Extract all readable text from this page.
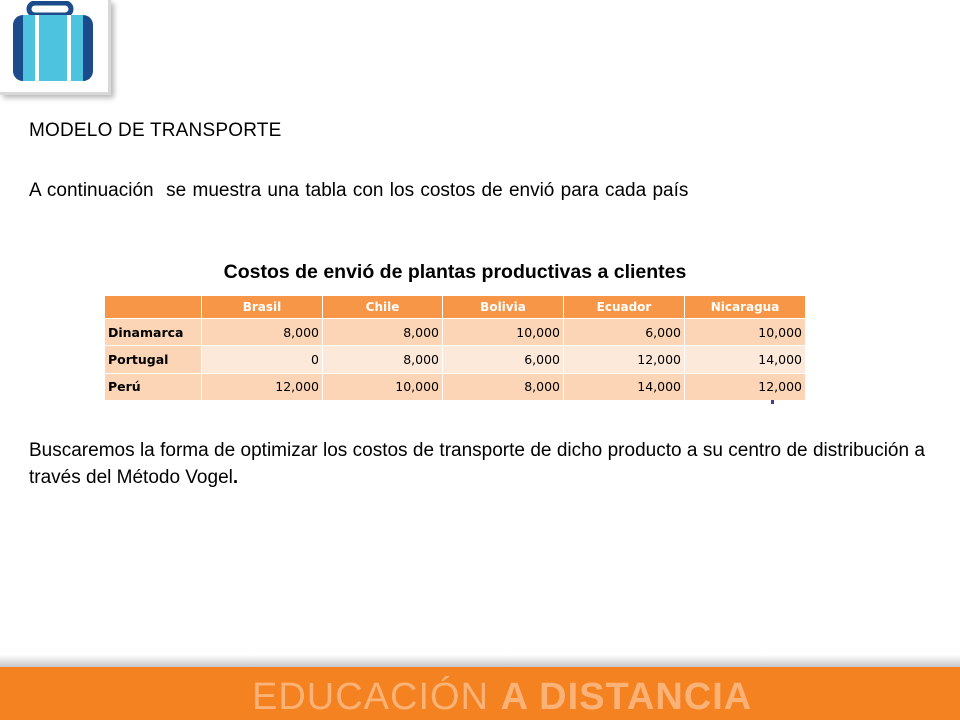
MODELO DE TRANSPORTE
A continuación  se muestra una tabla con los costos de envió para cada país
Costos de envió de plantas productivas a clientes
	Brasil	Chile	Bolivia	Ecuador	Nicaragua
Dinamarca	8,000	8,000	10,000	6,000	10,000
Portugal	0	8,000	6,000	12,000	14,000
Perú	12,000	10,000	8,000	14,000	12,000
Buscaremos la forma de optimizar los costos de transporte de dicho producto a su centro de distribución a través del Método Vogel.
EDUCACIÓN A DISTANCIA
